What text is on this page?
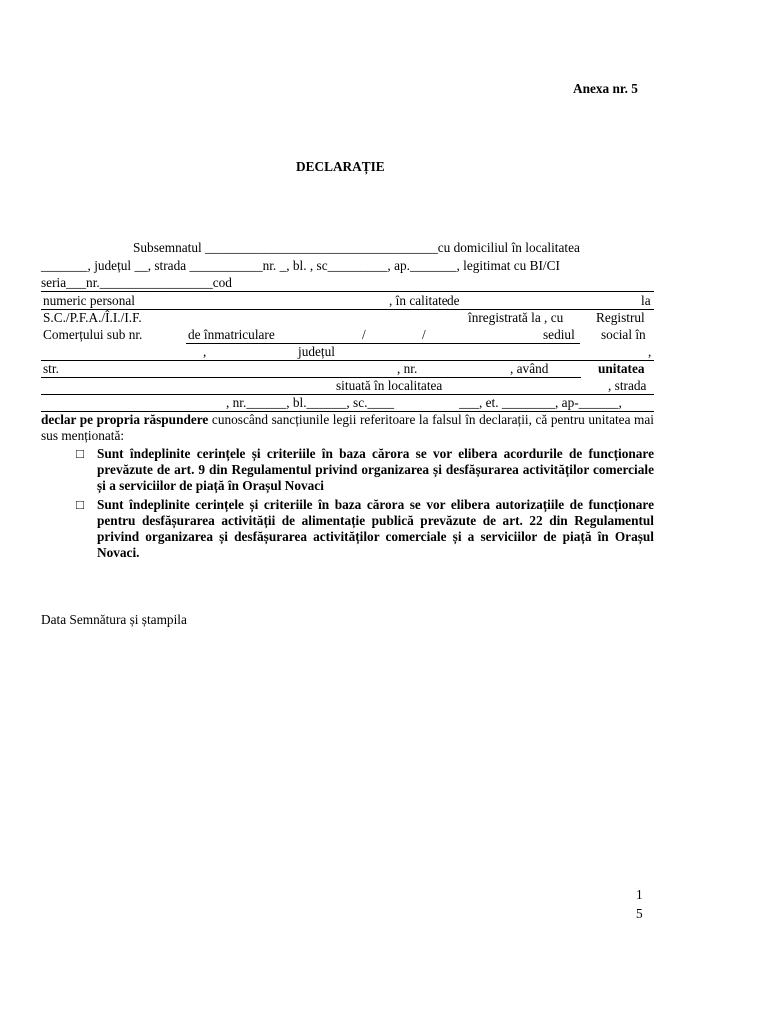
Anexa nr. 5
DECLARAȚIE
Subsemnatul ___________________________________cu domiciliul în localitatea
_______, județul __, strada ___________nr. _, bl. , sc_________, ap._______, legitimat cu BI/CI
seria___nr._________________cod
numeric personal	, în calitate de	la
S.C./P.F.A./Î.I./I.F.	înregistrată la , cu Registrul
Comerțului sub nr.	de înmatriculare	/	/	sediul social în
,	județul	,
str.	, nr.	, având	unitatea
situată în localitatea	, strada
, nr.______, bl.______, sc.____	___, et. ________, ap-______,
declar pe propria răspundere cunoscând sancțiunile legii referitoare la falsul în declarații, că pentru unitatea mai sus menționată:
□ Sunt îndeplinite cerințele și criteriile în baza cărora se vor elibera acordurile de funcționare prevăzute de art. 9 din Regulamentul privind organizarea și desfășurarea activităților comerciale și a serviciilor de piață în Orașul Novaci
□ Sunt îndeplinite cerințele și criteriile în baza cărora se vor elibera autorizațiile de funcționare pentru desfășurarea activității de alimentație publică prevăzute de art. 22 din Regulamentul privind organizarea și desfășurarea activităților comerciale și a serviciilor de piață în Orașul Novaci.
Data Semnătura și ștampila
1
5
